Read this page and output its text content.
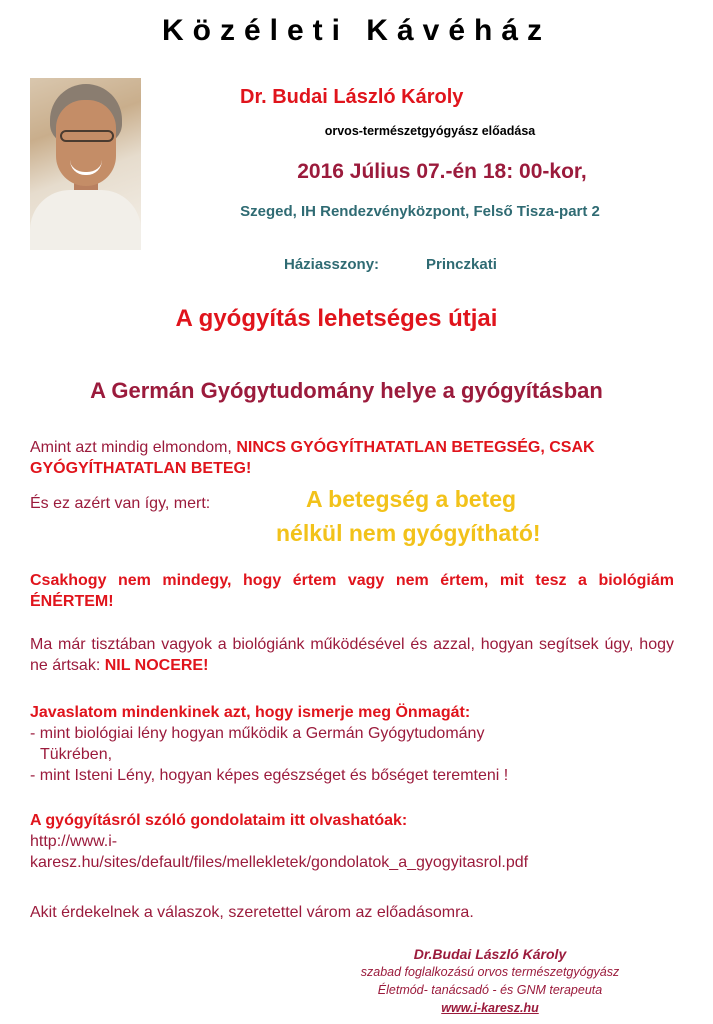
Közéleti Kávéház
Dr. Budai László Károly
orvos-természetgyógyász előadása
2016 Július 07.-én 18: 00-kor,
Szeged, IH Rendezvényközpont, Felső Tisza-part 2
Háziasszony:	Princzkati
A gyógyítás lehetséges útjai
A Germán Gyógytudomány helye a gyógyításban
Amint azt mindig elmondom, NINCS GYÓGYÍTHATATLAN BETEGSÉG, CSAK GYÓGYÍTHATATLAN BETEG!
És ez azért van így, mert:	A betegség a beteg
nélkül nem gyógyítható!
Csakhogy nem mindegy, hogy értem vagy nem értem, mit tesz a biológiám ÉNÉRTEM!
Ma már tisztában vagyok a biológiánk működésével és azzal, hogyan segítsek úgy, hogy ne ártsak: NIL NOCERE!
Javaslatom mindenkinek azt, hogy ismerje meg Önmagát:
- mint biológiai lény hogyan működik a Germán Gyógytudomány
Tükrében,
- mint Isteni Lény, hogyan képes egészséget és bőséget teremteni !
A gyógyításról szóló gondolataim itt olvashatóak:
http://www.i-
karesz.hu/sites/default/files/mellekletek/gondolatok_a_gyogyitasrol.pdf
Akit érdekelnek a válaszok, szeretettel várom az előadásomra.
Dr.Budai László Károly
szabad foglalkozású orvos természetgyógyász
Életmód- tanácsadó - és GNM terapeuta
www.i-karesz.hu
